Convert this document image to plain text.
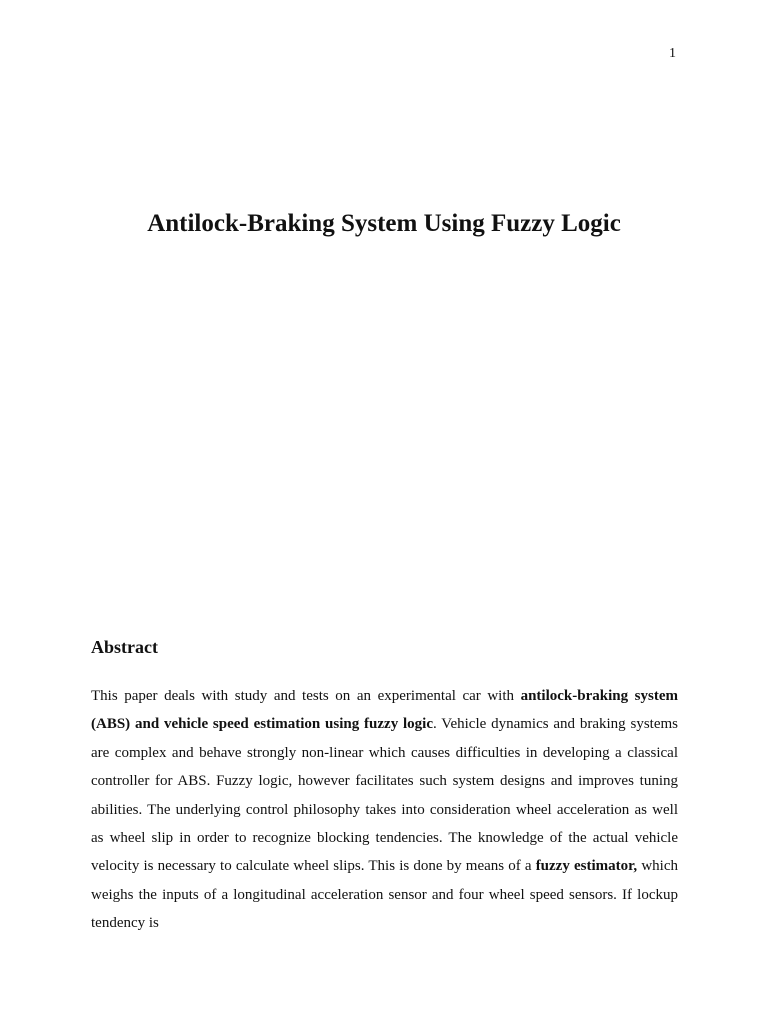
1
Antilock-Braking System Using Fuzzy Logic
Abstract

This paper deals with study and tests on an experimental car with antilock-braking system (ABS) and vehicle speed estimation using fuzzy logic. Vehicle dynamics and braking systems are complex and behave strongly non-linear which causes difficulties in developing a classical controller for ABS. Fuzzy logic, however facilitates such system designs and improves tuning abilities. The underlying control philosophy takes into consideration wheel acceleration as well as wheel slip in order to recognize blocking tendencies. The knowledge of the actual vehicle velocity is necessary to calculate wheel slips. This is done by means of a fuzzy estimator, which weighs the inputs of a longitudinal acceleration sensor and four wheel speed sensors. If lockup tendency is
